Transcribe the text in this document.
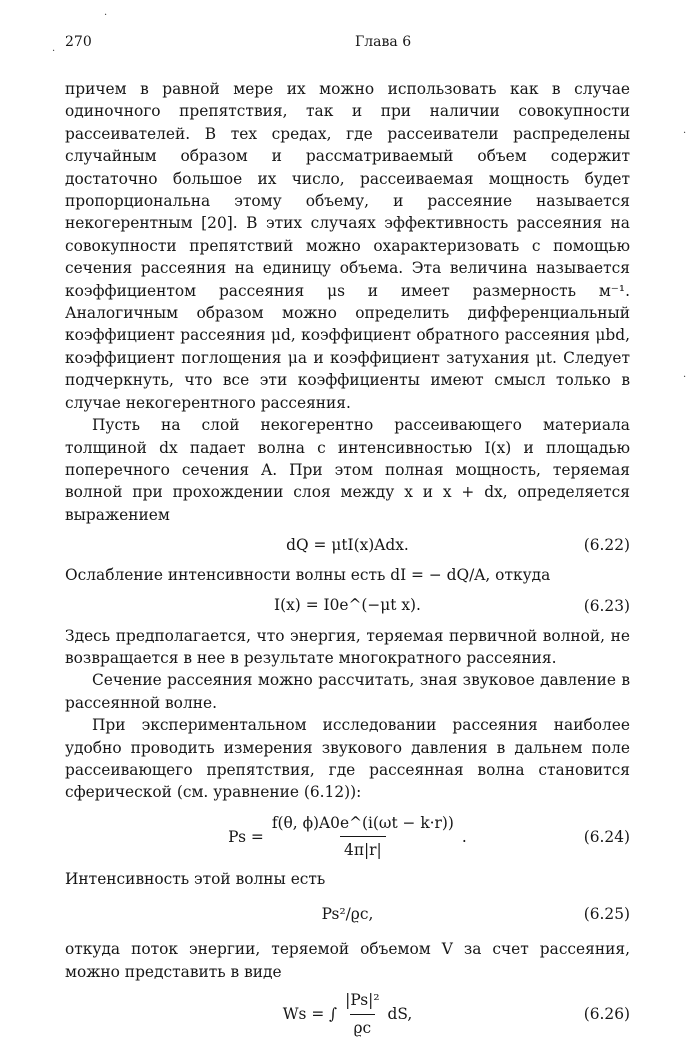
·
·
·
·
270	Глава 6

причем в равной мере их можно использовать как в случае одиночного препятствия, так и при наличии совокупности рассеивателей. В тех средах, где рассеиватели распределены случайным образом и рассматриваемый объем содержит достаточно большое их число, рассеиваемая мощность будет пропорциональна этому объему, и рассеяние называется некогерентным [20]. В этих случаях эффективность рассеяния на совокупности препятствий можно охарактеризовать с помощью сечения рассеяния на единицу объема. Эта величина называется коэффициентом рассеяния μs и имеет размерность м⁻¹. Аналогичным образом можно определить дифференциальный коэффициент рассеяния μd, коэффициент обратного рассеяния μbd, коэффициент поглощения μa и коэффициент затухания μt. Следует подчеркнуть, что все эти коэффициенты имеют смысл только в случае некогерентного рассеяния.

Пусть на слой некогерентно рассеивающего материала толщиной dx падает волна с интенсивностью I(x) и площадью поперечного сечения A. При этом полная мощность, теряемая волной при прохождении слоя между x и x + dx, определяется выражением

dQ = μtI(x)Adx.	(6.22)

Ослабление интенсивности волны есть dI = − dQ/A, откуда

I(x) = I0e^(−μt x).	(6.23)

Здесь предполагается, что энергия, теряемая первичной волной, не возвращается в нее в результате многократного рассеяния.

Сечение рассеяния можно рассчитать, зная звуковое давление в рассеянной волне.

При экспериментальном исследовании рассеяния наиболее удобно проводить измерения звукового давления в дальнем поле рассеивающего препятствия, где рассеянная волна становится сферической (см. уравнение (6.12)):

$Ps = \frac{f(\theta, \phi)A0e\^{}(i(\omega t - k\cdot r))}{4\pi|r|}$ .	(6.24)

Интенсивность этой волны есть

Ps²/ϱc,	(6.25)

откуда поток энергии, теряемой объемом V за счет рассеяния, можно представить в виде

Ws = ∫ $\frac{\text{|Ps|²}}{ϱc}$ dS,	(6.26)
